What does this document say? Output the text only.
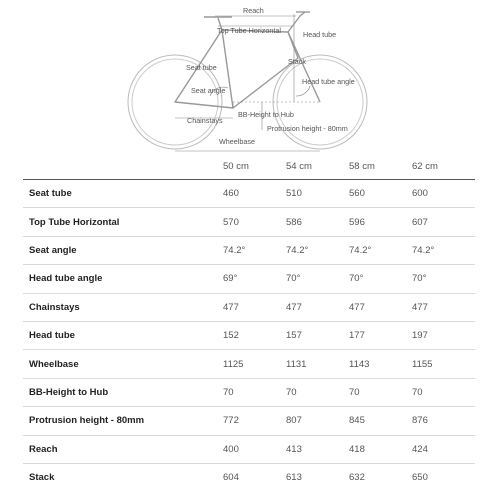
Reach
Top Tube Horizontal	Head tube
Seat tube
Stack
Head tube angle
Seat angle
Chainstays
BB-Height to Hub
Protrusion height - 80mm
Wheelbase
	50 cm	54 cm	58 cm	62 cm
Seat tube	460	510	560	600
Top Tube Horizontal	570	586	596	607
Seat angle	74.2°	74.2°	74.2°	74.2°
Head tube angle	69°	70°	70°	70°
Chainstays	477	477	477	477
Head tube	152	157	177	197
Wheelbase	1125	1131	1143	1155
BB-Height to Hub	70	70	70	70
Protrusion height - 80mm	772	807	845	876
Reach	400	413	418	424
Stack	604	613	632	650
